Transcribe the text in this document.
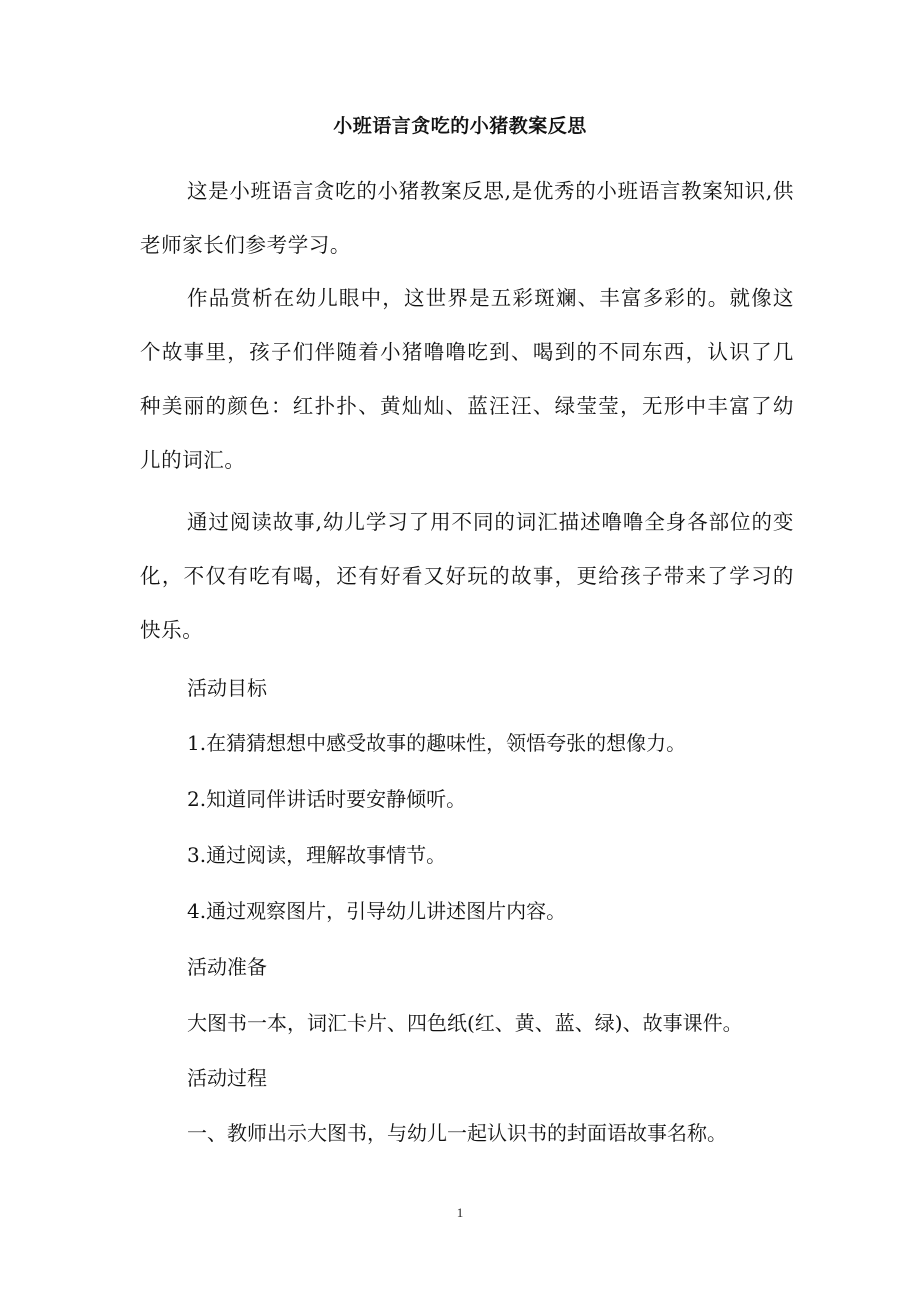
小班语言贪吃的小猪教案反思

这是小班语言贪吃的小猪教案反思,是优秀的小班语言教案知识,供老师家长们参考学习。

作品赏析在幼儿眼中，这世界是五彩斑斓、丰富多彩的。就像这个故事里，孩子们伴随着小猪噜噜吃到、喝到的不同东西，认识了几种美丽的颜色：红扑扑、黄灿灿、蓝汪汪、绿莹莹，无形中丰富了幼儿的词汇。

通过阅读故事,幼儿学习了用不同的词汇描述噜噜全身各部位的变化，不仅有吃有喝，还有好看又好玩的故事，更给孩子带来了学习的快乐。

活动目标

1.在猜猜想想中感受故事的趣味性，领悟夸张的想像力。

2.知道同伴讲话时要安静倾听。

3.通过阅读，理解故事情节。

4.通过观察图片，引导幼儿讲述图片内容。

活动准备

大图书一本，词汇卡片、四色纸(红、黄、蓝、绿)、故事课件。

活动过程

一、教师出示大图书，与幼儿一起认识书的封面语故事名称。

1
